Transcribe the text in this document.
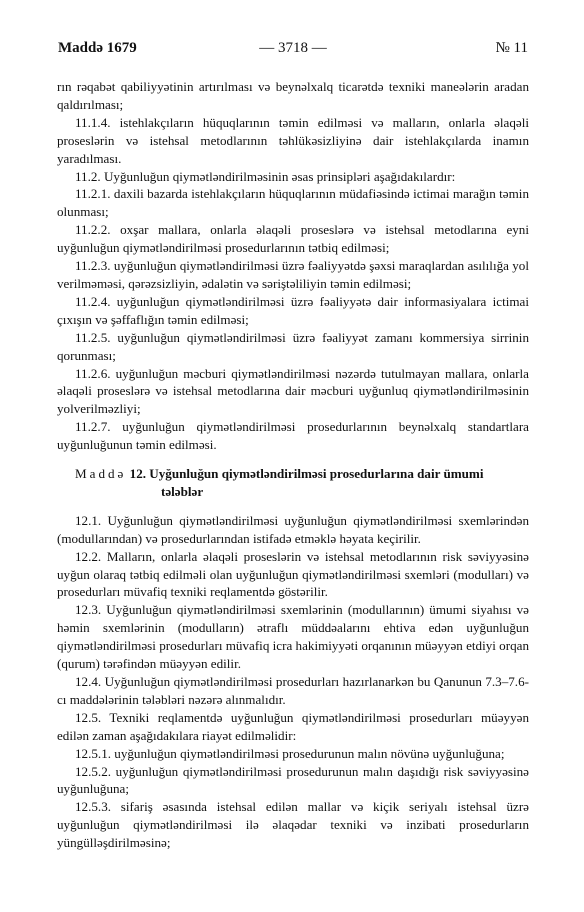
Maddə 1679	— 3718 —	№ 11

rın rəqabət qabiliyyətinin artırılması və beynəlxalq ticarətdə texniki maneələrin aradan qaldırılması;

11.1.4. istehlakçıların hüquqlarının təmin edilməsi və malların, onlarla əlaqəli proseslərin və istehsal metodlarının təhlükəsizliyinə dair istehlakçılarda inamın yaradılması.

11.2. Uyğunluğun qiymətləndirilməsinin əsas prinsipləri aşağıdakılardır:

11.2.1. daxili bazarda istehlakçıların hüquqlarının müdafiəsində ictimai marağın təmin olunması;

11.2.2. oxşar mallara, onlarla əlaqəli proseslərə və istehsal metodlarına eyni uyğunluğun qiymətləndirilməsi prosedurlarının tətbiq edilməsi;

11.2.3. uyğunluğun qiymətləndirilməsi üzrə fəaliyyətdə şəxsi maraqlardan asılılığa yol verilməməsi, qərəzsizliyin, ədalətin və səriştəliliyin təmin edilməsi;

11.2.4. uyğunluğun qiymətləndirilməsi üzrə fəaliyyətə dair informasiyalara ictimai çıxışın və şəffaflığın təmin edilməsi;

11.2.5. uyğunluğun qiymətləndirilməsi üzrə fəaliyyət zamanı kommersiya sirrinin qorunması;

11.2.6. uyğunluğun məcburi qiymətləndirilməsi nəzərdə tutulmayan mallara, onlarla əlaqəli proseslərə və istehsal metodlarına dair məcburi uyğunluq qiymətləndirilməsinin yolverilməzliyi;

11.2.7. uyğunluğun qiymətləndirilməsi prosedurlarının beynəlxalq standartlara uyğunluğunun təmin edilməsi.

Maddə 12. Uyğunluğun qiymətləndirilməsi prosedurlarına dair ümumi
tələblər

12.1. Uyğunluğun qiymətləndirilməsi uyğunluğun qiymətləndirilməsi sxemlərindən (modullarından) və prosedurlarından istifadə etməklə həyata keçirilir.

12.2. Malların, onlarla əlaqəli proseslərin və istehsal metodlarının risk səviyyəsinə uyğun olaraq tətbiq edilməli olan uyğunluğun qiymətləndirilməsi sxemləri (modulları) və prosedurları müvafiq texniki reqlamentdə göstərilir.

12.3. Uyğunluğun qiymətləndirilməsi sxemlərinin (modullarının) ümumi siyahısı və həmin sxemlərinin (modulların) ətraflı müddəalarını ehtiva edən uyğunluğun qiymətləndirilməsi prosedurları müvafiq icra hakimiyyəti orqanının müəyyən etdiyi orqan (qurum) tərəfindən müəyyən edilir.

12.4. Uyğunluğun qiymətləndirilməsi prosedurları hazırlanarkən bu Qanunun 7.3–7.6-cı maddələrinin tələbləri nəzərə alınmalıdır.

12.5. Texniki reqlamentdə uyğunluğun qiymətləndirilməsi prosedurları müəyyən edilən zaman aşağıdakılara riayət edilməlidir:

12.5.1. uyğunluğun qiymətləndirilməsi prosedurunun malın növünə uyğunluğuna;

12.5.2. uyğunluğun qiymətləndirilməsi prosedurunun malın daşıdığı risk səviyyəsinə uyğunluğuna;

12.5.3. sifariş əsasında istehsal edilən mallar və kiçik seriyalı istehsal üzrə uyğunluğun qiymətləndirilməsi ilə əlaqədar texniki və inzibati prosedurların yüngülləşdirilməsinə;
